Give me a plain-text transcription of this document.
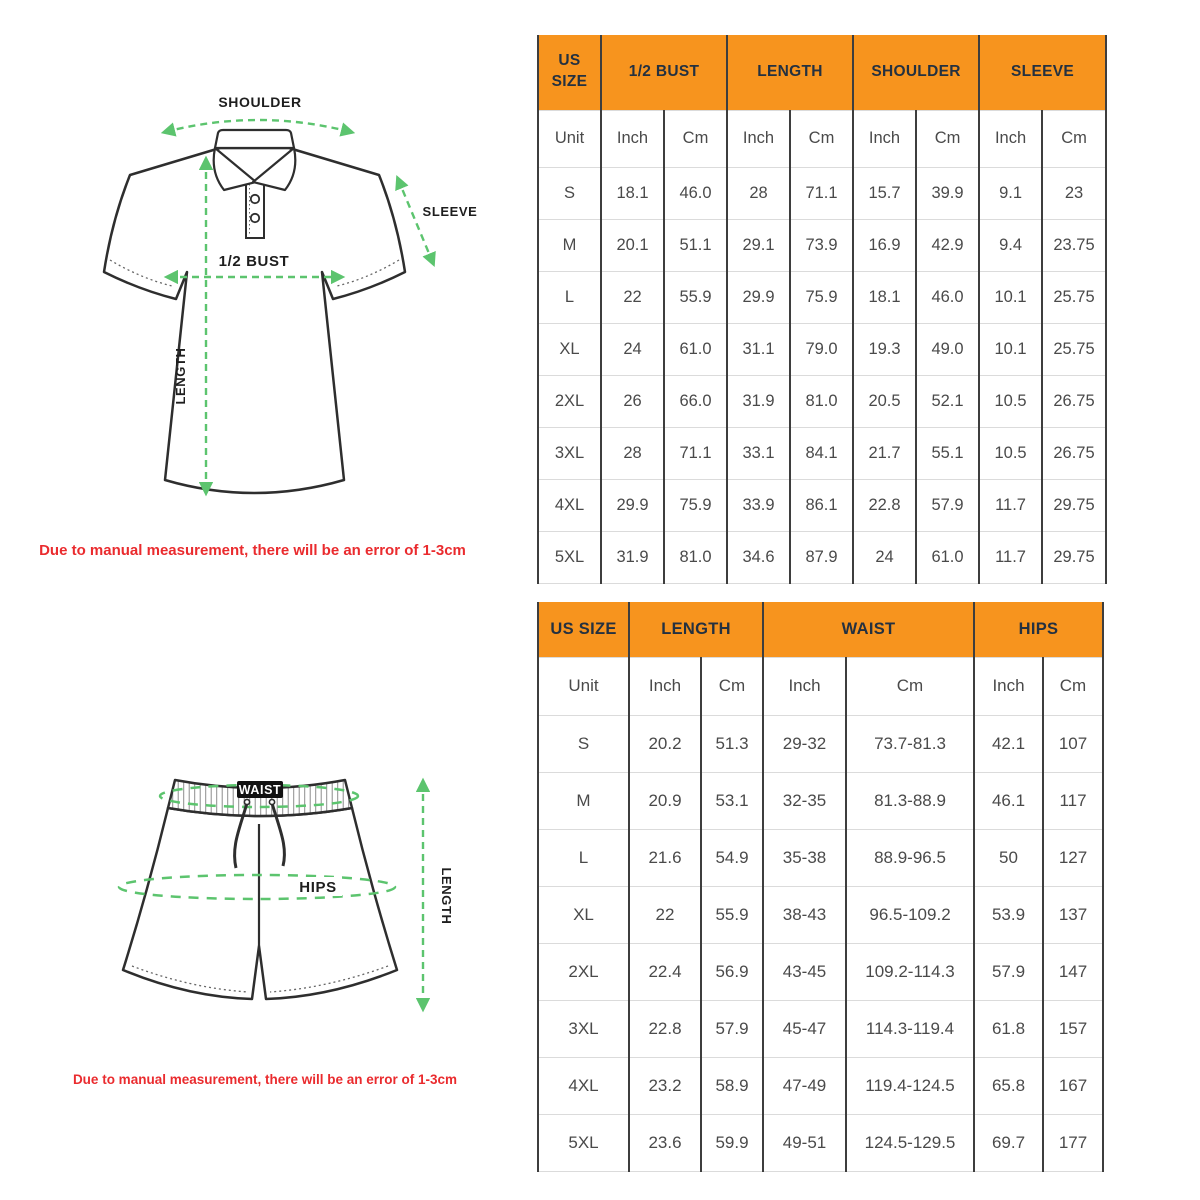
SHOULDER
SLEEVE
1/2 BUST
LENGTH
Due to manual measurement, there will be an error of 1-3cm
WAIST
HIPS	LENGTH
Due to manual measurement, there will be an error of 1-3cm
US SIZE	1/2 BUST		LENGTH		SHOULDER		SLEEVE	
Unit	Inch	Cm	Inch	Cm	Inch	Cm	Inch	Cm
S	18.1	46.0	28	71.1	15.7	39.9	9.1	23
M	20.1	51.1	29.1	73.9	16.9	42.9	9.4	23.75
L	22	55.9	29.9	75.9	18.1	46.0	10.1	25.75
XL	24	61.0	31.1	79.0	19.3	49.0	10.1	25.75
2XL	26	66.0	31.9	81.0	20.5	52.1	10.5	26.75
3XL	28	71.1	33.1	84.1	21.7	55.1	10.5	26.75
4XL	29.9	75.9	33.9	86.1	22.8	57.9	11.7	29.75
5XL	31.9	81.0	34.6	87.9	24	61.0	11.7	29.75
US SIZE	LENGTH		WAIST		HIPS	
Unit	Inch	Cm	Inch	Cm	Inch	Cm
S	20.2	51.3	29-32	73.7-81.3	42.1	107
M	20.9	53.1	32-35	81.3-88.9	46.1	117
L	21.6	54.9	35-38	88.9-96.5	50	127
XL	22	55.9	38-43	96.5-109.2	53.9	137
2XL	22.4	56.9	43-45	109.2-114.3	57.9	147
3XL	22.8	57.9	45-47	114.3-119.4	61.8	157
4XL	23.2	58.9	47-49	119.4-124.5	65.8	167
5XL	23.6	59.9	49-51	124.5-129.5	69.7	177
